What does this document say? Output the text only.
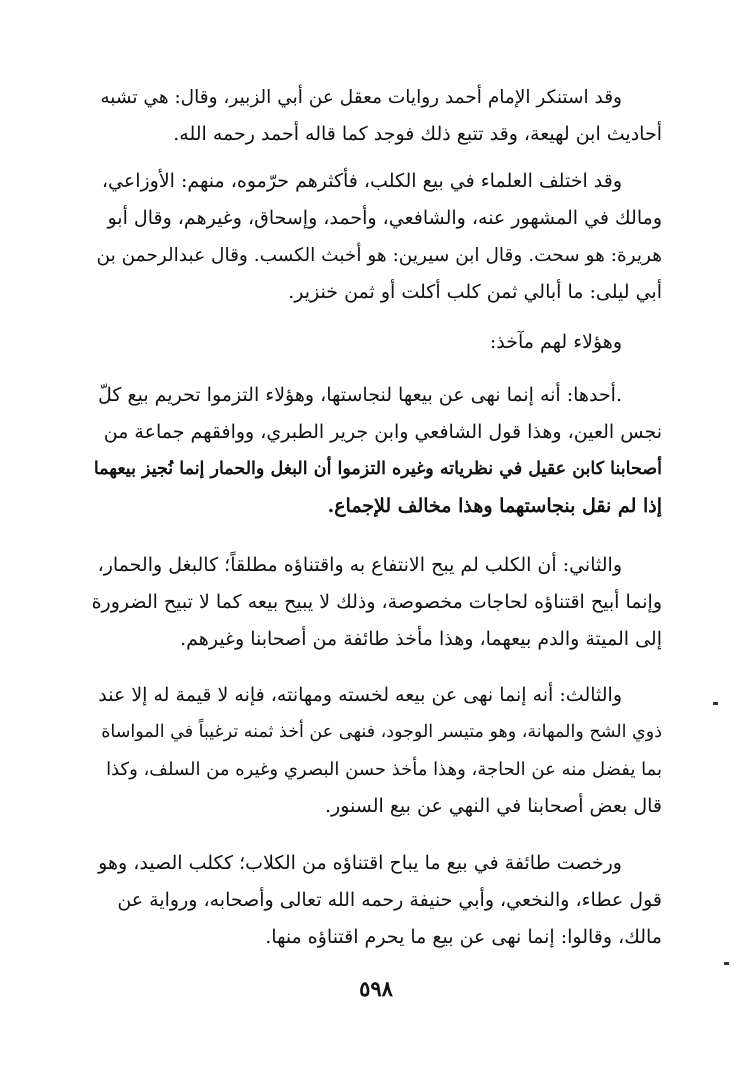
وقد استنكر الإمام أحمد روايات معقل عن أبي الزبير، وقال: هي تشبه
أحاديث ابن لهيعة، وقد تتبع ذلك فوجد كما قاله أحمد رحمه الله.
وقد اختلف العلماء في بيع الكلب، فأكثرهم حرّموه، منهم: الأوزاعي،
ومالك في المشهور عنه، والشافعي، وأحمد، وإسحاق، وغيرهم، وقال أبو
هريرة: هو سحت. وقال ابن سيرين: هو أخبث الكسب. وقال عبدالرحمن بن
أبي ليلى: ما أبالي ثمن كلب أكلت أو ثمن خنزير.
وهؤلاء لهم مآخذ:
.أحدها: أنه إنما نهى عن بيعها لنجاستها، وهؤلاء التزموا تحريم بيع كلّ
نجس العين، وهذا قول الشافعي وابن جرير الطبري، ووافقهم جماعة من
أصحابنا كابن عقيل في نظرياته وغيره التزموا أن البغل والحمار إنما نُجيز بيعهما
إذا لم نقل بنجاستهما وهذا مخالف للإجماع.
والثاني: أن الكلب لم يبح الانتفاع به واقتناؤه مطلقاً؛ كالبغل والحمار،
وإنما أبيح اقتناؤه لحاجات مخصوصة، وذلك لا يبيح بيعه كما لا تبيح الضرورة
إلى الميتة والدم بيعهما، وهذا مأخذ طائفة من أصحابنا وغيرهم.
والثالث: أنه إنما نهى عن بيعه لخسته ومهانته، فإنه لا قيمة له إلا عند
ذوي الشح والمهانة، وهو متيسر الوجود، فنهى عن أخذ ثمنه ترغيباً في المواساة
بما يفضل منه عن الحاجة، وهذا مأخذ حسن البصري وغيره من السلف، وكذا
قال بعض أصحابنا في النهي عن بيع السنور.
ورخصت طائفة في بيع ما يباح اقتناؤه من الكلاب؛ ككلب الصيد، وهو
قول عطاء، والنخعي، وأبي حنيفة رحمه الله تعالى وأصحابه، ورواية عن
مالك، وقالوا: إنما نهى عن بيع ما يحرم اقتناؤه منها.
٥٩٨
